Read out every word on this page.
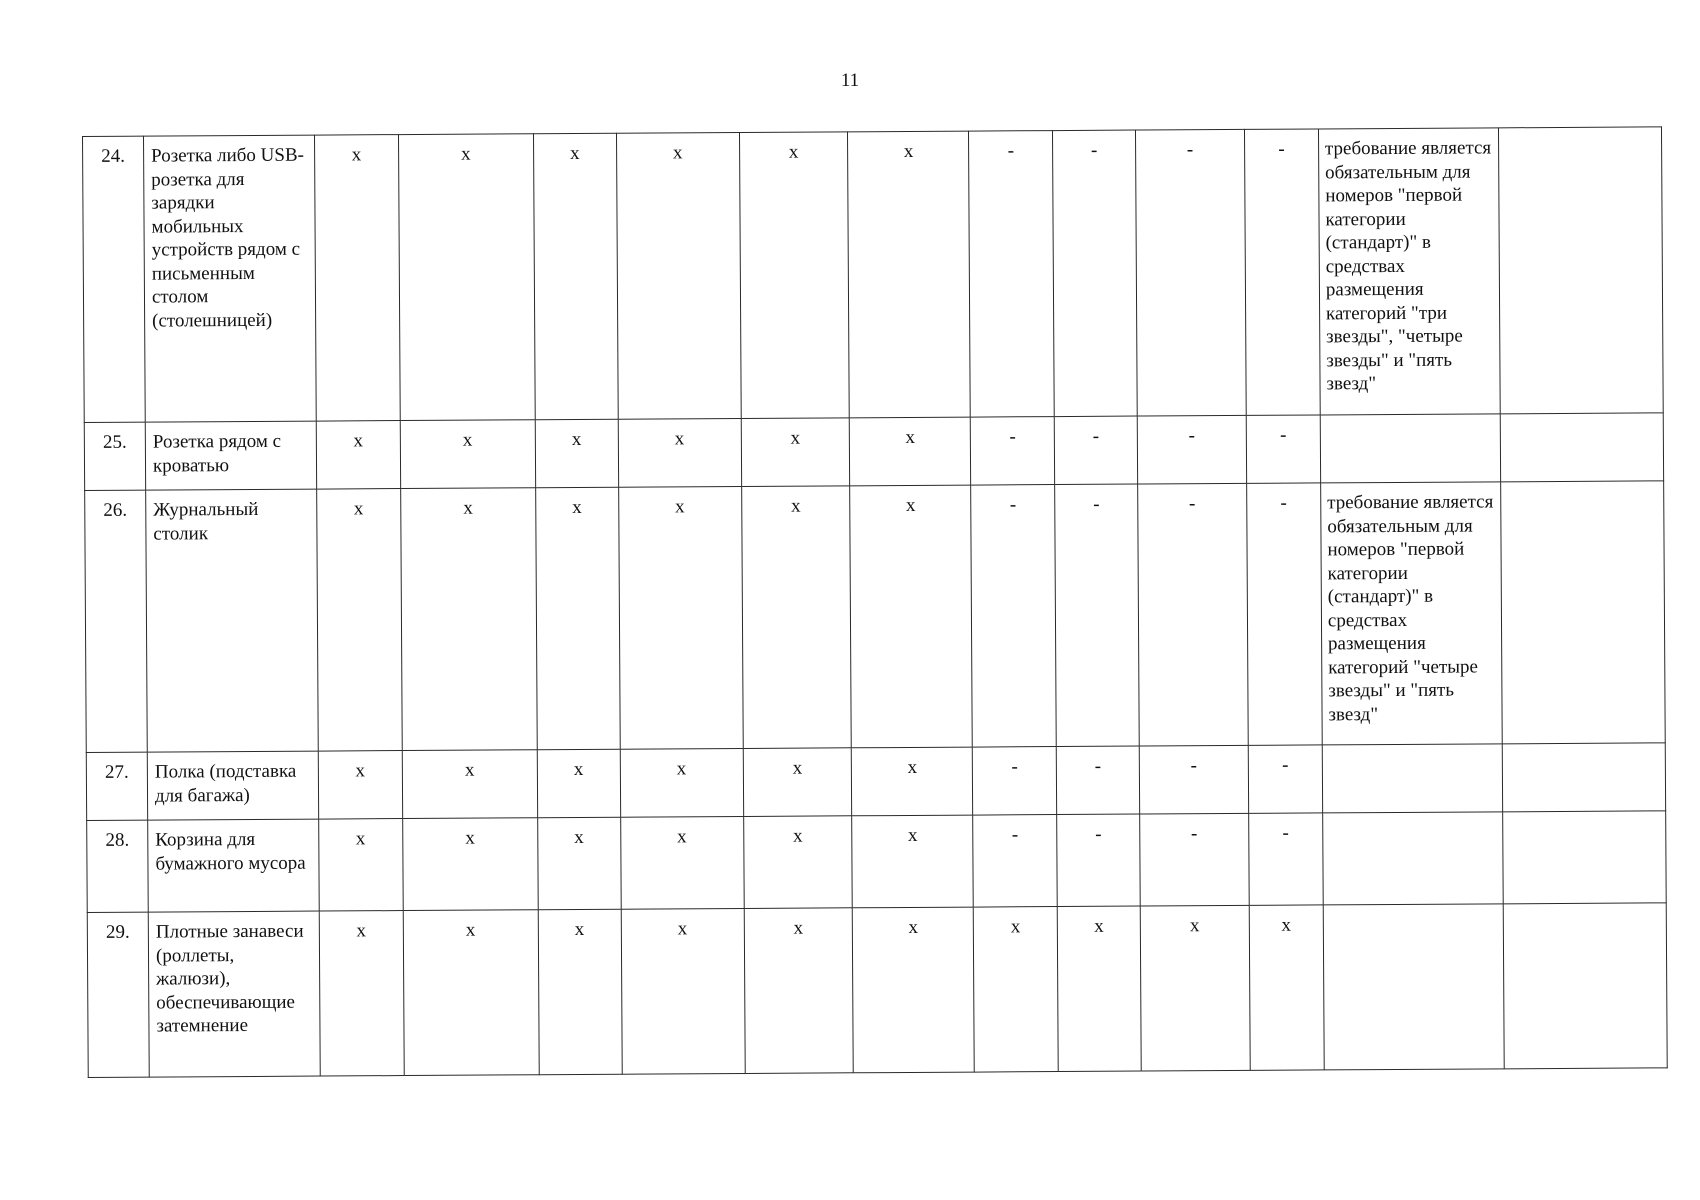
11
24.	Розетка либо USB-розетка для зарядки мобильных устройств рядом с письменным столом (столешницей)	x	x	x	x	x	x	-	-	-	-	требование является обязательным для номеров "первой категории (стандарт)" в средствах размещения категорий "три звезды", "четыре звезды" и "пять звезд"	
25.	Розетка рядом с кроватью	x	x	x	x	x	x	-	-	-	-		
26.	Журнальный столик	x	x	x	x	x	x	-	-	-	-	требование является обязательным для номеров "первой категории (стандарт)" в средствах размещения категорий "четыре звезды" и "пять звезд"	
27.	Полка (подставка для багажа)	x	x	x	x	x	x	-	-	-	-		
28.	Корзина для бумажного мусора	x	x	x	x	x	x	-	-	-	-		
29.	Плотные занавеси (роллеты, жалюзи), обеспечивающие затемнение	x	x	x	x	x	x	x	x	x	x		
